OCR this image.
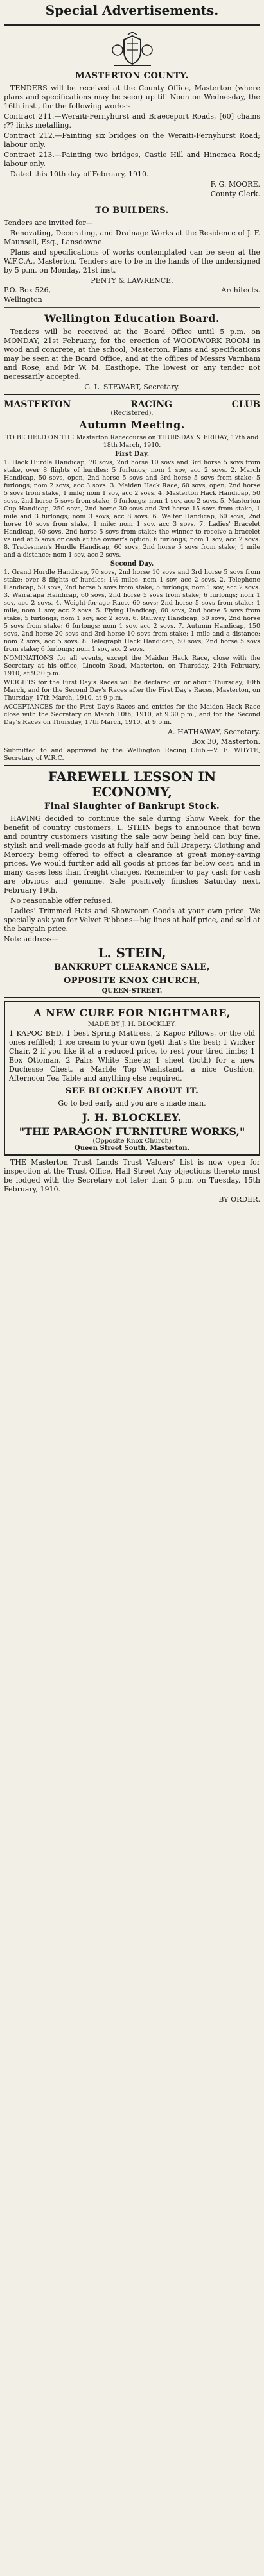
Special Advertisements.
MASTERTON COUNTY.

TENDERS will be received at the County Office, Masterton (where plans and specifications may be seen) up till Noon on Wednesday, the 16th inst., for the following works:-

Contract 211.—Weraiti-Fernyhurst and Braeceport Roads, [60] chains ;?? links metalling.

Contract 212.—Painting six bridges on the Weraiti-Fernyhurst Road; labour only.

Contract 213.—Painting two bridges, Castle Hill and Hinemoa Road; labour only.

Dated this 10th day of February, 1910.

F. G. MOORE.
County Clerk.
TO BUILDERS.

Tenders are invited for—

Renovating, Decorating, and Drainage Works at the Residence of J. F. Maunsell, Esq., Lansdowne.

Plans and specifications of works contemplated can be seen at the W.F.C.A., Masterton. Tenders are to be in the hands of the undersigned by 5 p.m. on Monday, 21st inst.

PENTY & LAWRENCE,
P.O. Box 526,	Architects.
Wellington
Wellington Education Board.

Tenders will be received at the Board Office until 5 p.m. on MONDAY, 21st February, for the erection of WOODWORK ROOM in wood and concrete, at the school, Masterton. Plans and specifications may be seen at the Board Office, and at the offices of Messrs Varnham and Rose, and Mr W. M. Easthope. The lowest or any tender not necessarily accepted.

G. L. STEWART, Secretary.
MASTERTON	RACING	CLUB
(Registered).
Autumn Meeting.

TO BE HELD ON THE Masterton Racecourse on THURSDAY & FRIDAY, 17th and 18th March, 1910.

First Day.

1. Hack Hurdle Handicap, 70 sovs, 2nd horse 10 sovs and 3rd horse 5 sovs from stake, over 8 flights of hurdles: 5 furlongs; nom 1 sov, acc 2 sovs. 2. March Handicap, 50 sovs, open, 2nd horse 5 sovs and 3rd horse 5 sovs from stake; 5 furlongs; nom 2 sovs, acc 3 sovs. 3. Maiden Hack Race, 60 sovs, open; 2nd horse 5 sovs from stake, 1 mile; nom 1 sov, acc 2 sovs. 4. Masterton Hack Handicap, 50 sovs, 2nd horse 5 sovs from stake, 6 furlongs; nom 1 sov, acc 2 sovs. 5. Masterton Cup Handicap, 250 sovs, 2nd horse 30 sovs and 3rd horse 15 sovs from stake, 1 mile and 3 furlongs; nom 3 sovs, acc 8 sovs. 6. Welter Handicap, 60 sovs, 2nd horse 10 sovs from stake, 1 mile; nom 1 sov, acc 3 sovs. 7. Ladies' Bracelet Handicap, 60 sovs, 2nd horse 5 sovs from stake; the winner to receive a bracelet valued at 5 sovs or cash at the owner's option; 6 furlongs; nom 1 sov, acc 2 sovs. 8. Tradesmen's Hurdle Handicap, 60 sovs, 2nd horse 5 sovs from stake; 1 mile and a distance; nom 1 sov, acc 2 sovs.

Second Day.

1. Grand Hurdle Handicap, 70 sovs, 2nd horse 10 sovs and 3rd horse 5 sovs from stake; over 8 flights of hurdles; 1½ miles; nom 1 sov, acc 2 sovs. 2. Telephone Handicap, 50 sovs, 2nd horse 5 sovs from stake; 5 furlongs; nom 1 sov, acc 2 sovs. 3. Wairarapa Handicap, 60 sovs, 2nd horse 5 sovs from stake; 6 furlongs; nom 1 sov, acc 2 sovs. 4. Weight-for-age Race, 60 sovs; 2nd horse 5 sovs from stake; 1 mile; nom 1 sov, acc 2 sovs. 5. Flying Handicap, 60 sovs, 2nd horse 5 sovs from stake; 5 furlongs; nom 1 sov, acc 2 sovs. 6. Railway Handicap, 50 sovs, 2nd horse 5 sovs from stake; 6 furlongs; nom 1 sov, acc 2 sovs. 7. Autumn Handicap, 150 sovs, 2nd horse 20 sovs and 3rd horse 10 sovs from stake; 1 mile and a distance; nom 2 sovs, acc 5 sovs. 8. Telegraph Hack Handicap, 50 sovs; 2nd horse 5 sovs from stake; 6 furlongs; nom 1 sov, acc 2 sovs.

NOMINATIONS for all events, except the Maiden Hack Race, close with the Secretary at his office, Lincoln Road, Masterton, on Thursday, 24th February, 1910, at 9.30 p.m.

WEIGHTS for the First Day's Races will be declared on or about Thursday, 10th March, and for the Second Day's Races after the First Day's Races, Masterton, on Thursday, 17th March, 1910, at 9 p.m.

ACCEPTANCES for the First Day's Races and entries for the Maiden Hack Race close with the Secretary on March 10th, 1910, at 9.30 p.m., and for the Second Day's Races on Thursday, 17th March, 1910, at 9 p.m.

A. HATHAWAY, Secretary.
Box 30, Masterton.

Submitted to and approved by the Wellington Racing Club.—V. E. WHYTE, Secretary of W.R.C.

FAREWELL LESSON IN
ECONOMY,
Final Slaughter of Bankrupt Stock.

HAVING decided to continue the sale during Show Week, for the benefit of country customers, L. STEIN begs to announce that town and country customers visiting the sale now being held can buy fine, stylish and well-made goods at fully half and full Drapery, Clothing and Mercery being offered to effect a clearance at great money-saving prices. We would further add all goods at prices far below cost, and in many cases less than freight charges. Remember to pay cash for cash are obvious and genuine. Sale positively finishes Saturday next, February 19th.

No reasonable offer refused.

Ladies' Trimmed Hats and Showroom Goods at your own price. We specially ask you for Velvet Ribbons—big lines at half price, and sold at the bargain price.

Note address—
L. STEIN,
BANKRUPT CLEARANCE SALE,
OPPOSITE KNOX CHURCH,
QUEEN-STREET.
A NEW CURE FOR NIGHTMARE,
MADE BY J. H. BLOCKLEY.

1 KAPOC BED, 1 best Spring Mattress, 2 Kapoc Pillows, or the old ones refilled; 1 ice cream to your own (get) that's the best; 1 Wicker Chair, 2 if you like it at a reduced price, to rest your tired limbs; 1 Box Ottoman, 2 Pairs White Sheets; 1 sheet (both) for a new Duchesse Chest, a Marble Top Washstand, a nice Cushion, Afternoon Tea Table and anything else required.

SEE BLOCKLEY ABOUT IT.

Go to bed early and you are a made man.

J. H. BLOCKLEY.
"THE PARAGON FURNITURE WORKS,"
(Opposite Knox Church)
Queen Street South, Masterton.

THE Masterton Trust Lands Trust Valuers' List is now open for inspection at the Trust Office, Hall Street Any objections thereto must be lodged with the Secretary not later than 5 p.m. on Tuesday, 15th February, 1910.

BY ORDER.
